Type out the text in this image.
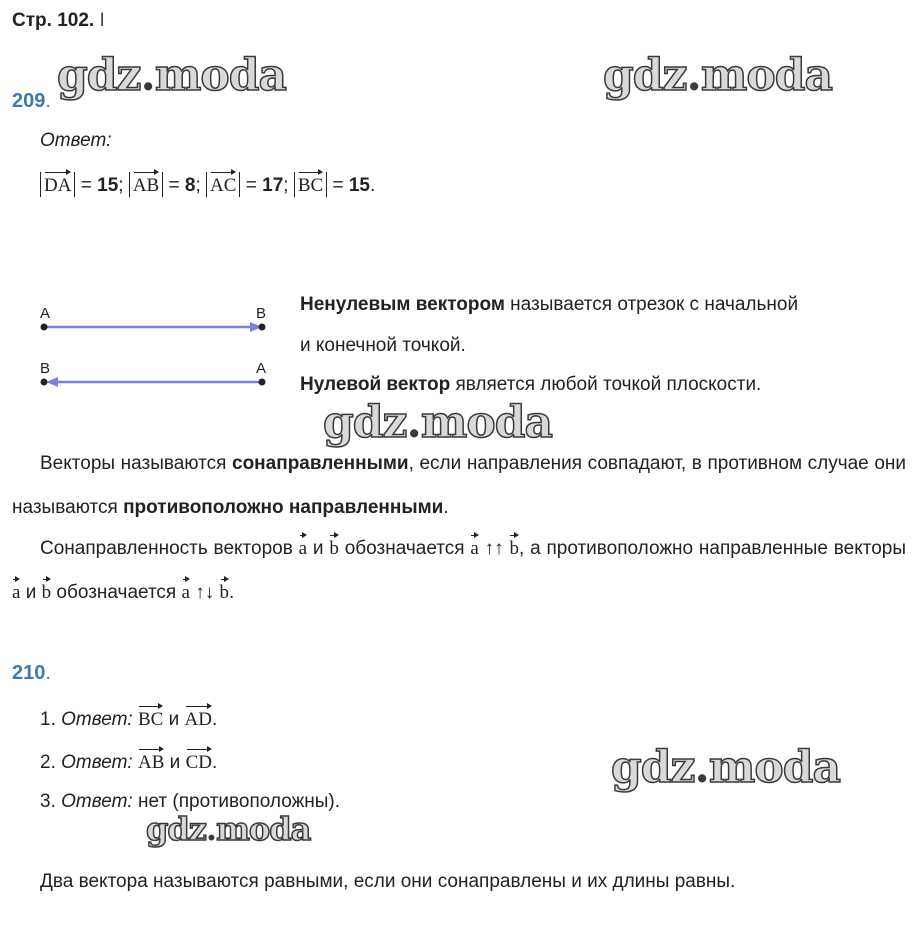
Стр. 102. I
gdz.moda	gdz.moda
gdz.moda
gdz.moda
gdz.moda
209.
Ответ:
DA = 15; AB = 8; AC = 17; BC = 15.
A	B
B	A
Ненулевым вектором называется отрезок с начальной
и конечной точкой.
Нулевой вектор является любой точкой плоскости.
Векторы называются сонаправленными, если направления совпадают, в противном случае они называются противоположно направленными.
Сонаправленность векторов
a и
b обозначается
a ↑↑
b, а противоположно направленные векторы
a и
b обозначается
a ↑↓
b.
210.
1. Ответ: BC и
AD.
2. Ответ: AB и
CD.
3. Ответ: нет (противоположны).
Два вектора называются равными, если они сонаправлены и их длины равны.
